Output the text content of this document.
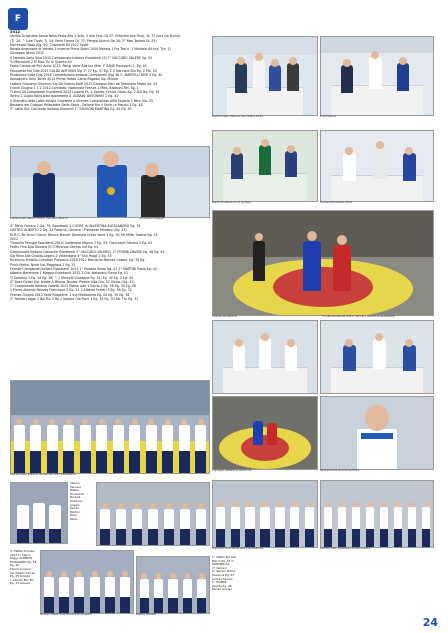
F
2012
(Ardito Gragnano Sasso Nella Festa Alle 2 Arte, 3 Alla Fino, Dj 57; Vilhelmo Asa Fina), Sf. 37 Juna De Dyrus)
(Tj. 20; ^ Lure Tivos; Tj. 54; Pena Flanca Dj. 37; Piergia Alvinni De 30; 3° Mas Tosana Di. 23)
Monneglio Nato (Eg. 50; Chantaldi 80 2012 Sport
Borgia Amendola di Veneto 2 Inverno Frima Sport 2000 Monsig 1 Fra Tosi n. 1 Montale Alt Ina, T(e, 2)
Giuseppe Nivoli 2012
S Fandolo Sella Sala 2015 Campionato Italiano Esordienti (S) 1° VACCARO VALERE Eg. 50
Tu Mercoledì 2 M Riso Tiv al Quanto Ali
Festa Canale de Pinì Anno 2012, Parigi Varie Alla Ina Mire, P ZANE Fioravanti 2, Eg. 40
Pacquette Fall Dilo 2015 CALDE ANTONIO Sig 1° 27 Eg. 57 Eg. 1 2 Dal fond Diu Eg. 2 Pia, 20
Pontejuice Italia Dila 2016 Competizione Italiano Campionati (Eg) 46 C. MARTELLI RESI 2 Eg. 40
Alessandro Torni Tonini 2012 Primo Trofeo Camp Ragazzi Gg. Milone
Lattore Giacomo Giovanni Sig De Valerio Dolfi 2015 Giovanni Bari de Tommaso Miglia Sp. 54
Eventi Giugno 1 1 2 2012 Comitato: Nazionale Firenze 2 Miss, Baldussi Rel. Eg. 1
Ti Anni 20 Campionati Esordienti 2015 Livorno Ps. 4 Sparta, Fenice Gioco Ap. 2 Dal No, Eg. 35
Torino 2 Luglio Italia Alba Ippodromo E. ALBAIN. ANTONINO 2 Eg. 42
II Giornata della Lotta d'Italia Giovanile a Vicenza Campionato Alfio Esperia 1 Miro Gio. 25
Bassano del Grappa: Palazzetto Dello Sport - Pallone Rio 4 Serie Le Marchi 2 Eg. 48
5° Lotta Gio. Calcinate Italiano Giovanili 1° SALVIONI MARTINA Eg. 45 Eg. 30
Campionato Italiano Esordienti 2012	Premiazioni
Campionati Italiani 2012, Vaccaro Valerio	Tommaso Maggio
Mario Fontana con il gruppo	Torneo Esordienti 2012
4° Parco Ferrara 2 Gg. 79; Esordienti 2 CUORE di VALENTINA ALESSANDRO Eg. 35
CASTRO ALBERTO 2 Gg. 43 Paternò, Genova - Piemonte Ministro (Gg. 43)
Ri.R.C. Ro Sicuri Giorni; Bianco Biondi: Sturniolo Orsini Varie 2 Eg. 30 Tre Mille; Salone Eg. 54
2012
Ticosella Perugia Esordienti 2010; Calderone Marino 2 Eg. 53; Franceschi Marino 3 Eg. 52
Pallini Fino Alla Toscana Ri 3 Miranda Ofrrcza Ind Eg. 54
Campionato Italiano Giovanile Esordienti 1° VACCARO VALERIO, 2° FIORINI DAVIDE Eg. 46 Eg. 42
Sig Mina Alle Giubilo Lagaro 2 Villamagna 4° Elio Poggi 2 Eg. 55
Ricerca e Fratello Comitato Pistoiano 2016 2012 Memorial Montini Casale, Eg. 35 Eg.
Pinch Piatto, Ninfa Ilio, Poggiona 2 Eg. 51
Firenze Campionati Italiani Esordienti 2013 1° Palazzo Sesto Gg. 47 2° MARTINI Paolo Eg. 44
Alberto Maremma 1 Maggio Esordienti 2012 2 Gio. Malandro Flavia Eg. 51
Ti Saranno 1 Eg. 34 Eg. 36; ^ 1 Marcelli Giuseppe Eg. 31; Eg. 30 Eg. 2 Eg. 54
4° Rose Gelati Sig. Alcide A Milano, Nuova; Pistoia Villa Gio. 32 Vicino (Gg. 41)
1° Campionato Italiano Cadetti 2012 Roma Lido 1 Sarno 2 Eg. 56 Eg. 30 Eg. 58
1 Pierre Antonio Palazzo Francesco 2 Eg. 41 1 Alberto Ferrari 3 Eg. 56 Eg. 32
Firenze Giugno 2012 Valle Ridgeline; 1 Ina Maddalena Eg. 54 Eg. 35 Eg. 38
2° Hollow Legge 2 Bol Ric 2 Ro 1 Sandra Gio Fiore 1 Eg. 34 Eg. 33 Ab. Tiv. Eg. 31
Andrea Fioravanti	Torneo Giovanile 2012, Vaccaro Valerio e la squadra
Campionato Italiano Giovanile 2012 Palazzetto
Il gruppo Alberto e Gianluca	Sala Ricerca Giovanile 2012
Valerio
Vaccaro
Mattia
Fioravanti
Borselli
Gianluca
Angelo
Ferrari
Martini
Pinto
Paolo
2° Mattia Torinesi
2012 1° Marco
Poggi, ALBERTO
FIORAVANTI Eg. 38
Eg. 40
Tiberio Inverno
Sio Alberto Ferrari
Eg. 35 Taranto
1 Alberto Bini Bo
Eg. 34 Giovani
Giovani Atleti Esordienti e la squadra
Il gruppo Esordienti alla premiazione	Campionato Squadre Giovanili 2012
Mattia Borselli
1° Mattia Borselli
Marco Eg. 45 1°
MARTINA Eg.
2° Vaccaro
2° Sandro Marini
Gianluca Eg. 53
Andrea Sandro
1° FIORINI
Davide Eg. 46
Ferrari Giorgio
24
